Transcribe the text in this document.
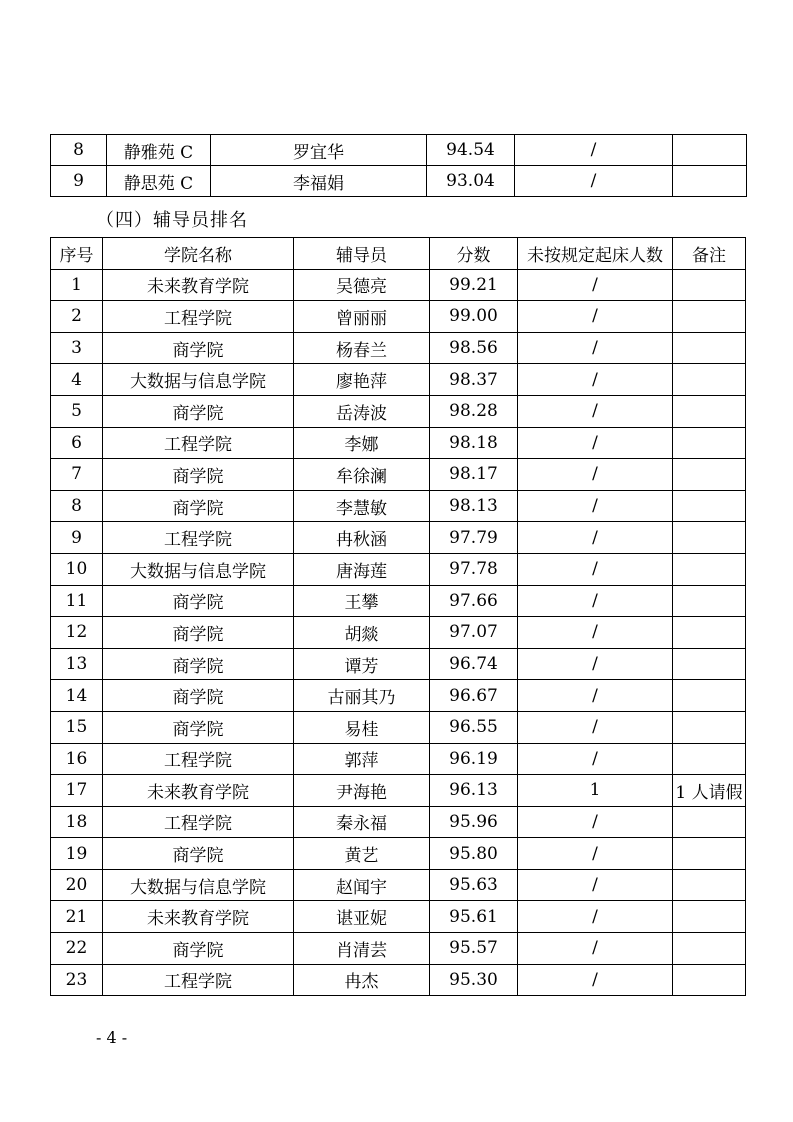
8	静雅苑 C	罗宜华	94.54	/	
9	静思苑 C	李福娟	93.04	/	
（四）辅导员排名
序号	学院名称	辅导员	分数	未按规定起床人数	备注
1	未来教育学院	吴德亮	99.21	/	
2	工程学院	曾丽丽	99.00	/	
3	商学院	杨春兰	98.56	/	
4	大数据与信息学院	廖艳萍	98.37	/	
5	商学院	岳涛波	98.28	/	
6	工程学院	李娜	98.18	/	
7	商学院	牟徐澜	98.17	/	
8	商学院	李慧敏	98.13	/	
9	工程学院	冉秋涵	97.79	/	
10	大数据与信息学院	唐海莲	97.78	/	
11	商学院	王攀	97.66	/	
12	商学院	胡燚	97.07	/	
13	商学院	谭芳	96.74	/	
14	商学院	古丽其乃	96.67	/	
15	商学院	易桂	96.55	/	
16	工程学院	郭萍	96.19	/	
17	未来教育学院	尹海艳	96.13	1	1 人请假
18	工程学院	秦永福	95.96	/	
19	商学院	黄艺	95.80	/	
20	大数据与信息学院	赵闻宇	95.63	/	
21	未来教育学院	谌亚妮	95.61	/	
22	商学院	肖清芸	95.57	/	
23	工程学院	冉杰	95.30	/	
- 4 -
